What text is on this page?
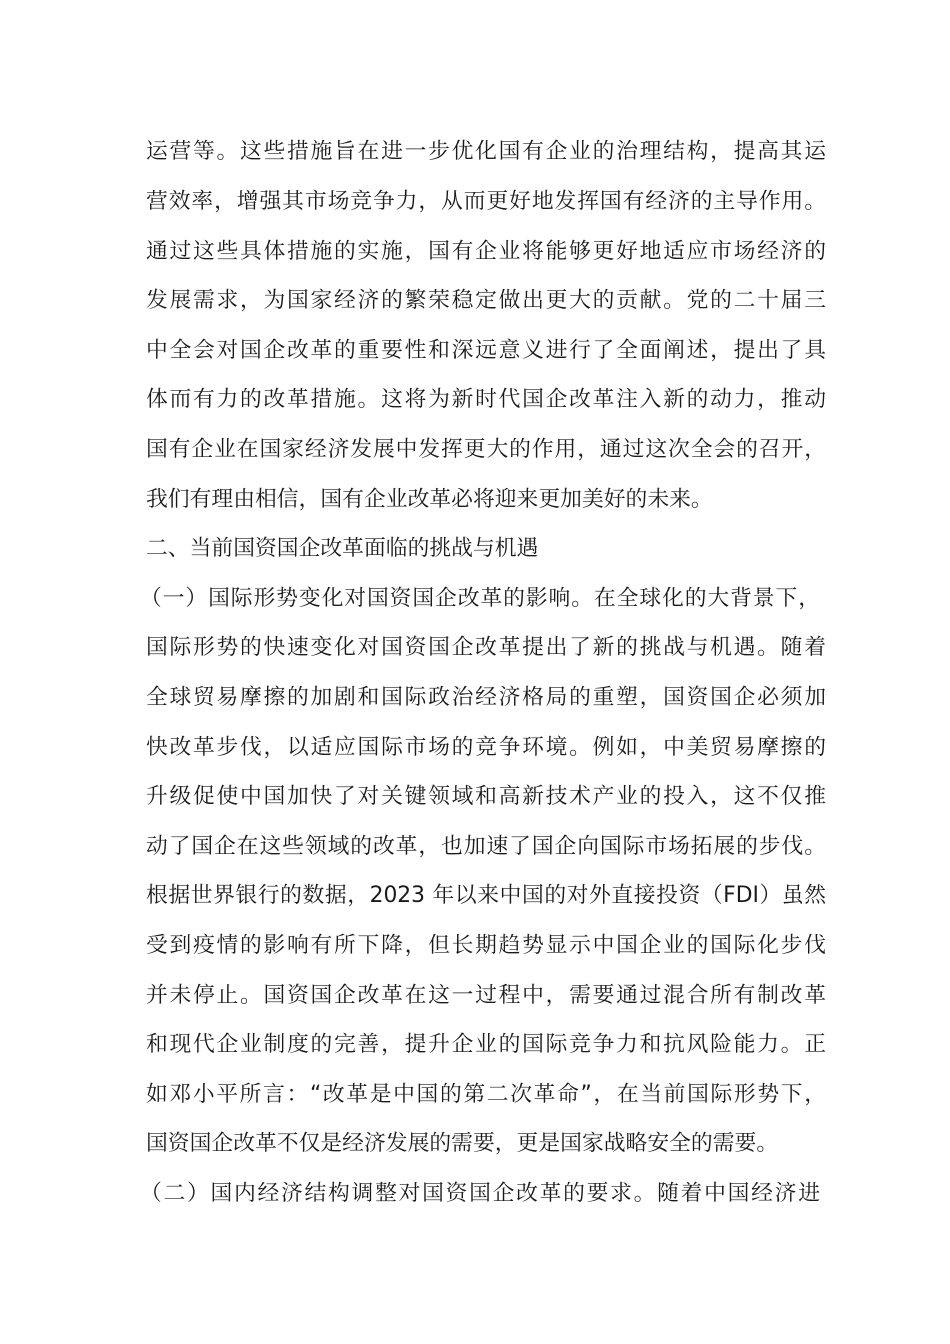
运营等。这些措施旨在进一步优化国有企业的治理结构，提高其运
营效率，增强其市场竞争力，从而更好地发挥国有经济的主导作用。
通过这些具体措施的实施，国有企业将能够更好地适应市场经济的
发展需求，为国家经济的繁荣稳定做出更大的贡献。党的二十届三
中全会对国企改革的重要性和深远意义进行了全面阐述，提出了具
体而有力的改革措施。这将为新时代国企改革注入新的动力，推动
国有企业在国家经济发展中发挥更大的作用，通过这次全会的召开，
我们有理由相信，国有企业改革必将迎来更加美好的未来。
二、当前国资国企改革面临的挑战与机遇
（一）国际形势变化对国资国企改革的影响。在全球化的大背景下，
国际形势的快速变化对国资国企改革提出了新的挑战与机遇。随着
全球贸易摩擦的加剧和国际政治经济格局的重塑，国资国企必须加
快改革步伐，以适应国际市场的竞争环境。例如，中美贸易摩擦的
升级促使中国加快了对关键领域和高新技术产业的投入，这不仅推
动了国企在这些领域的改革，也加速了国企向国际市场拓展的步伐。
根据世界银行的数据，2023 年以来中国的对外直接投资（FDI）虽然
受到疫情的影响有所下降，但长期趋势显示中国企业的国际化步伐
并未停止。国资国企改革在这一过程中，需要通过混合所有制改革
和现代企业制度的完善，提升企业的国际竞争力和抗风险能力。正
如邓小平所言：“改革是中国的第二次革命”，在当前国际形势下，
国资国企改革不仅是经济发展的需要，更是国家战略安全的需要。
（二）国内经济结构调整对国资国企改革的要求。随着中国经济进
